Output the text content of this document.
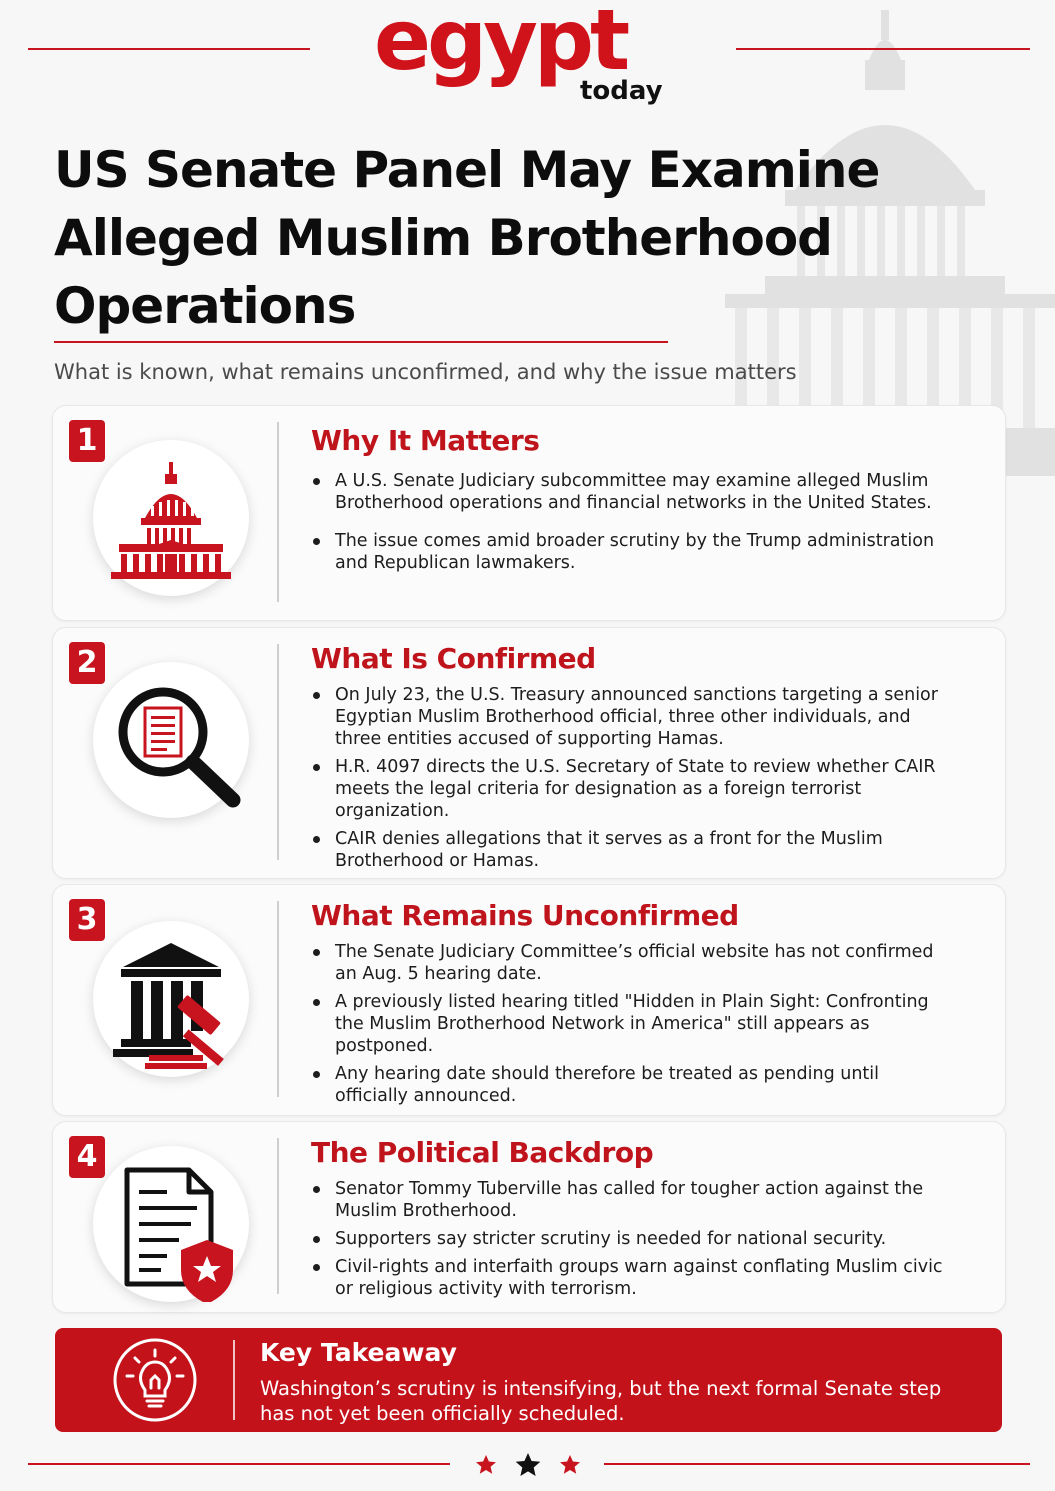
egypt
today
US Senate Panel May Examine Alleged Muslim Brotherhood Operations
What is known, what remains unconfirmed, and why the issue matters
1	Why It Matters
A U.S. Senate Judiciary subcommittee may examine alleged Muslim Brotherhood operations and financial networks in the United States.
The issue comes amid broader scrutiny by the Trump administration and Republican lawmakers.
2	What Is Confirmed
On July 23, the U.S. Treasury announced sanctions targeting a senior Egyptian Muslim Brotherhood official, three other individuals, and three entities accused of supporting Hamas.
H.R. 4097 directs the U.S. Secretary of State to review whether CAIR meets the legal criteria for designation as a foreign terrorist organization.
CAIR denies allegations that it serves as a front for the Muslim Brotherhood or Hamas.
3	What Remains Unconfirmed
The Senate Judiciary Committee’s official website has not confirmed an Aug. 5 hearing date.
A previously listed hearing titled "Hidden in Plain Sight: Confronting the Muslim Brotherhood Network in America" still appears as postponed.
Any hearing date should therefore be treated as pending until officially announced.
4	The Political Backdrop
Senator Tommy Tuberville has called for tougher action against the Muslim Brotherhood.
Supporters say stricter scrutiny is needed for national security.
Civil-rights and interfaith groups warn against conflating Muslim civic or religious activity with terrorism.
Key Takeaway

Washington’s scrutiny is intensifying, but the next formal Senate step has not yet been officially scheduled.
